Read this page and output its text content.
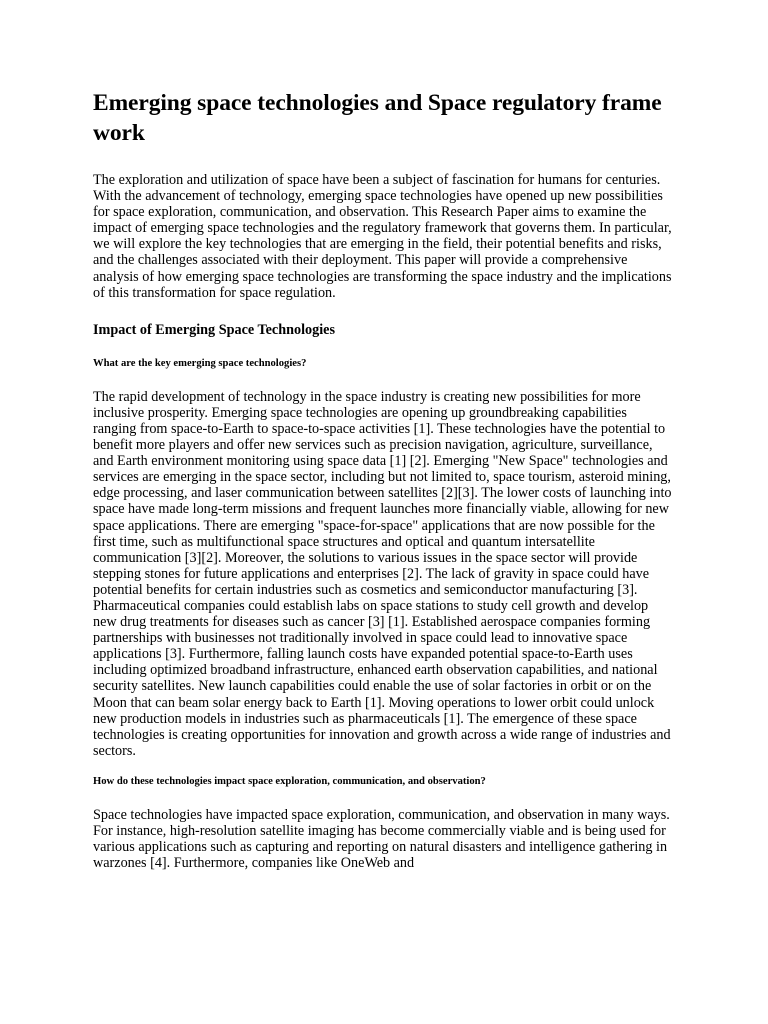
Emerging space technologies and Space regulatory frame work

The exploration and utilization of space have been a subject of fascination for humans for centuries. With the advancement of technology, emerging space technologies have opened up new possibilities for space exploration, communication, and observation. This Research Paper aims to examine the impact of emerging space technologies and the regulatory framework that governs them. In particular, we will explore the key technologies that are emerging in the field, their potential benefits and risks, and the challenges associated with their deployment. This paper will provide a comprehensive analysis of how emerging space technologies are transforming the space industry and the implications of this transformation for space regulation.

Impact of Emerging Space Technologies
What are the key emerging space technologies?

The rapid development of technology in the space industry is creating new possibilities for more inclusive prosperity. Emerging space technologies are opening up groundbreaking capabilities ranging from space-to-Earth to space-to-space activities [1]. These technologies have the potential to benefit more players and offer new services such as precision navigation, agriculture, surveillance, and Earth environment monitoring using space data [1] [2]. Emerging "New Space" technologies and services are emerging in the space sector, including but not limited to, space tourism, asteroid mining, edge processing, and laser communication between satellites [2][3]. The lower costs of launching into space have made long-term missions and frequent launches more financially viable, allowing for new space applications. There are emerging "space-for-space" applications that are now possible for the first time, such as multifunctional space structures and optical and quantum intersatellite communication [3][2]. Moreover, the solutions to various issues in the space sector will provide stepping stones for future applications and enterprises [2]. The lack of gravity in space could have potential benefits for certain industries such as cosmetics and semiconductor manufacturing [3]. Pharmaceutical companies could establish labs on space stations to study cell growth and develop new drug treatments for diseases such as cancer [3] [1]. Established aerospace companies forming partnerships with businesses not traditionally involved in space could lead to innovative space applications [3]. Furthermore, falling launch costs have expanded potential space-to-Earth uses including optimized broadband infrastructure, enhanced earth observation capabilities, and national security satellites. New launch capabilities could enable the use of solar factories in orbit or on the Moon that can beam solar energy back to Earth [1]. Moving operations to lower orbit could unlock new production models in industries such as pharmaceuticals [1]. The emergence of these space technologies is creating opportunities for innovation and growth across a wide range of industries and sectors.

How do these technologies impact space exploration, communication, and observation?

Space technologies have impacted space exploration, communication, and observation in many ways. For instance, high-resolution satellite imaging has become commercially viable and is being used for various applications such as capturing and reporting on natural disasters and intelligence gathering in warzones [4]. Furthermore, companies like OneWeb and
